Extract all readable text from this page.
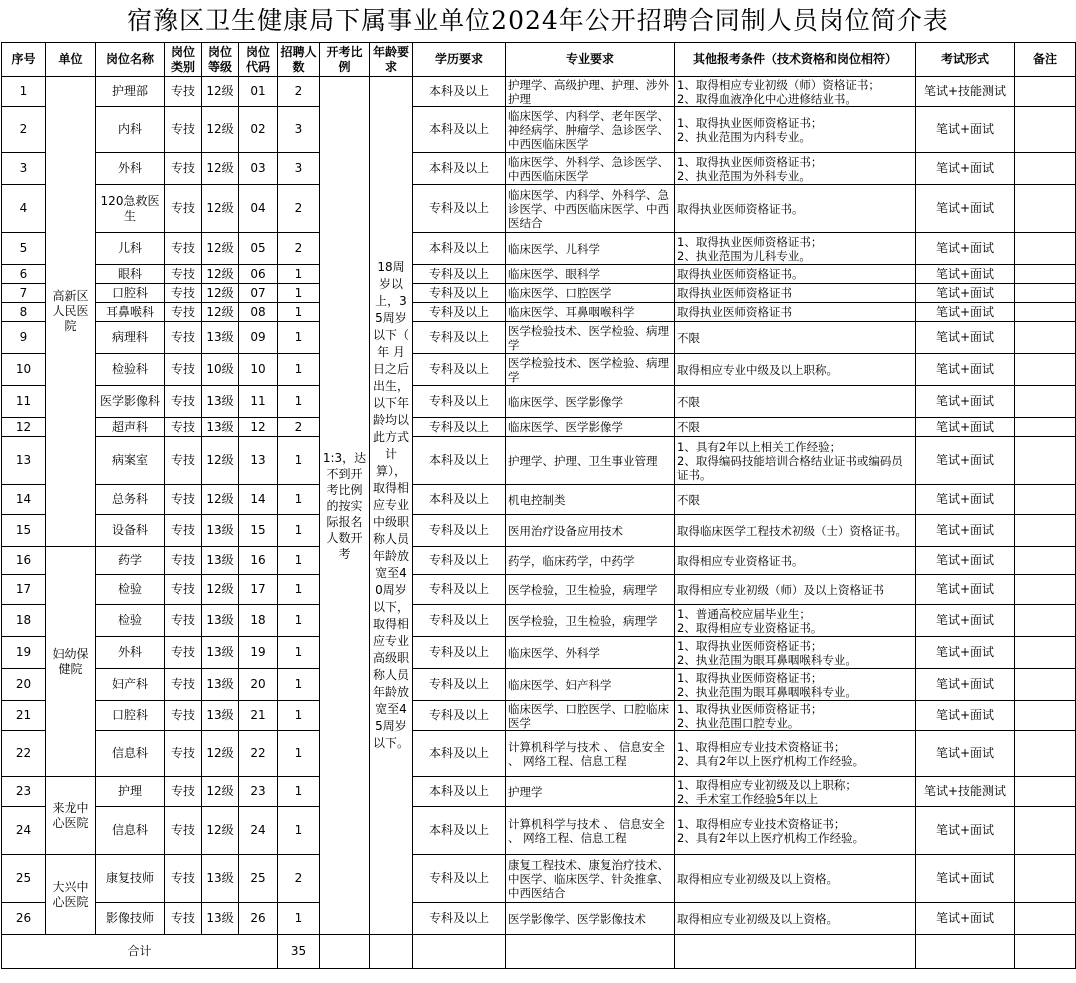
宿豫区卫生健康局下属事业单位2024年公开招聘合同制人员岗位简介表
序号	单位	岗位名称	岗位类别	岗位等级	岗位代码	招聘人数	开考比例	年龄要求	学历要求	专业要求	其他报考条件（技术资格和岗位相符）	考试形式	备注
1	高新区人民医院	护理部	专技	12级	01	2	1:3，达不到开考比例的按实际报名人数开考	18周岁以上，35周岁以下（ 年 月 日之后出生，以下年龄均以此方式计算），取得相应专业中级职称人员年龄放宽至40周岁以下，取得相应专业高级职称人员年龄放宽至45周岁以下。	本科及以上	护理学、高级护理、护理、涉外护理	1、取得相应专业初级（师）资格证书；
2、取得血液净化中心进修结业书。	笔试+技能测试	
2		内科	专技	12级	02	3			本科及以上	临床医学、内科学、老年医学、神经病学、肿瘤学、急诊医学、中西医临床医学	1、取得执业医师资格证书；
2、执业范围为内科专业。	笔试+面试	
3		外科	专技	12级	03	3			本科及以上	临床医学、外科学、急诊医学、中西医临床医学	1、取得执业医师资格证书；
2、执业范围为外科专业。	笔试+面试	
4		120急救医生	专技	12级	04	2			专科及以上	临床医学、内科学、外科学、急诊医学、中西医临床医学、中西医结合	取得执业医师资格证书。	笔试+面试	
5		儿科	专技	12级	05	2			本科及以上	临床医学、儿科学	1、取得执业医师资格证书；
2、执业范围为儿科专业。	笔试+面试	
6		眼科	专技	12级	06	1			专科及以上	临床医学、眼科学	取得执业医师资格证书。	笔试+面试	
7		口腔科	专技	12级	07	1			专科及以上	临床医学、口腔医学	取得执业医师资格证书	笔试+面试	
8		耳鼻喉科	专技	12级	08	1			专科及以上	临床医学、耳鼻咽喉科学	取得执业医师资格证书	笔试+面试	
9		病理科	专技	13级	09	1			专科及以上	医学检验技术、医学检验、病理学	不限	笔试+面试	
10		检验科	专技	10级	10	1			专科及以上	医学检验技术、医学检验、病理学	取得相应专业中级及以上职称。	笔试+面试	
11		医学影像科	专技	13级	11	1			专科及以上	临床医学、医学影像学	不限	笔试+面试	
12		超声科	专技	13级	12	2			专科及以上	临床医学、医学影像学	不限	笔试+面试	
13		病案室	专技	12级	13	1			本科及以上	护理学、护理、卫生事业管理	1、具有2年以上相关工作经验；
2、取得编码技能培训合格结业证书或编码员证书。	笔试+面试	
14		总务科	专技	12级	14	1			本科及以上	机电控制类	不限	笔试+面试	
15		设备科	专技	13级	15	1			专科及以上	医用治疗设备应用技术	取得临床医学工程技术初级（士）资格证书。	笔试+面试	
16	妇幼保健院	药学	专技	13级	16	1			专科及以上	药学，临床药学，中药学	取得相应专业资格证书。	笔试+面试	
17		检验	专技	12级	17	1			专科及以上	医学检验，卫生检验，病理学	取得相应专业初级（师）及以上资格证书	笔试+面试	
18		检验	专技	13级	18	1			专科及以上	医学检验，卫生检验，病理学	1、普通高校应届毕业生；
2、取得相应专业资格证书。	笔试+面试	
19		外科	专技	13级	19	1			专科及以上	临床医学、外科学	1、取得执业医师资格证书；
2、执业范围为眼耳鼻咽喉科专业。	笔试+面试	
20		妇产科	专技	13级	20	1			专科及以上	临床医学、妇产科学	1、取得执业医师资格证书；
2、执业范围为眼耳鼻咽喉科专业。	笔试+面试	
21		口腔科	专技	13级	21	1			专科及以上	临床医学、口腔医学、口腔临床医学	1、取得执业医师资格证书；
2、执业范围口腔专业。	笔试+面试	
22		信息科	专技	12级	22	1			本科及以上	计算机科学与技术 、 信息安全 、 网络工程、信息工程	1、取得相应专业技术资格证书；
2、具有2年以上医疗机构工作经验。	笔试+面试	
23	来龙中心医院	护理	专技	12级	23	1			本科及以上	护理学	1、取得相应专业初级及以上职称；
2、手术室工作经验5年以上	笔试+技能测试	
24		信息科	专技	12级	24	1			本科及以上	计算机科学与技术 、 信息安全 、 网络工程、信息工程	1、取得相应专业技术资格证书；
2、具有2年以上医疗机构工作经验。	笔试+面试	
25	大兴中心医院	康复技师	专技	13级	25	2			专科及以上	康复工程技术、康复治疗技术、中医学、临床医学、针灸推拿、中西医结合	取得相应专业初级及以上资格。	笔试+面试	
26		影像技师	专技	13级	26	1			专科及以上	医学影像学、医学影像技术	取得相应专业初级及以上资格。	笔试+面试	
合计						35							
